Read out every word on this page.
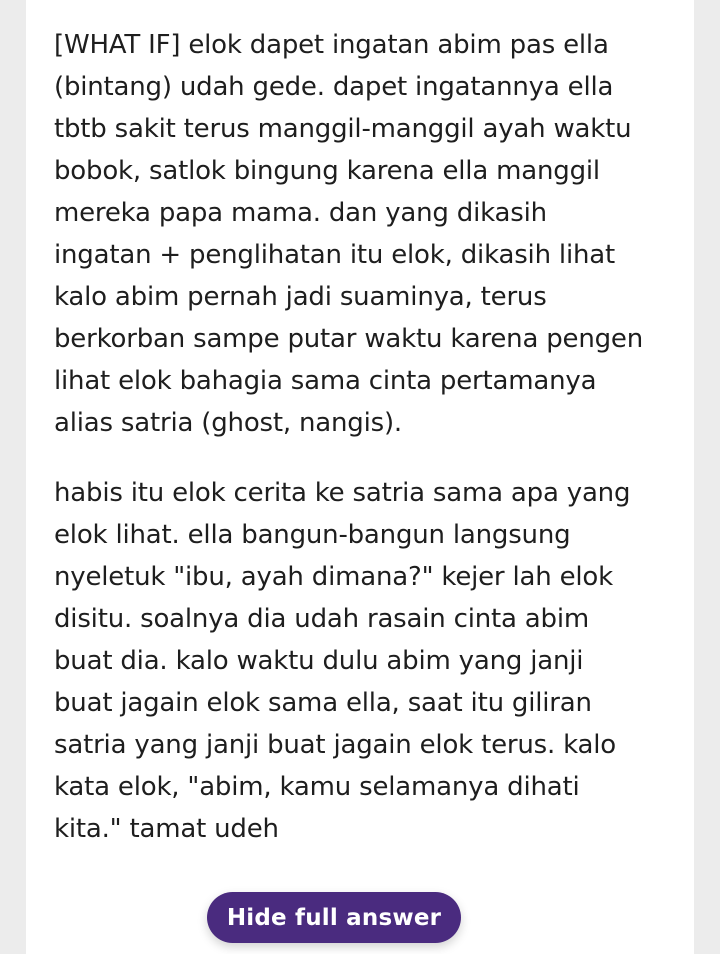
[WHAT IF] elok dapet ingatan abim pas ella
(bintang) udah gede. dapet ingatannya ella
tbtb sakit terus manggil-manggil ayah waktu
bobok, satlok bingung karena ella manggil
mereka papa mama. dan yang dikasih
ingatan + penglihatan itu elok, dikasih lihat
kalo abim pernah jadi suaminya, terus
berkorban sampe putar waktu karena pengen
lihat elok bahagia sama cinta pertamanya
alias satria (ghost, nangis).

habis itu elok cerita ke satria sama apa yang
elok lihat. ella bangun-bangun langsung
nyeletuk "ibu, ayah dimana?" kejer lah elok
disitu. soalnya dia udah rasain cinta abim
buat dia. kalo waktu dulu abim yang janji
buat jagain elok sama ella, saat itu giliran
satria yang janji buat jagain elok terus. kalo
kata elok, "abim, kamu selamanya dihati
kita." tamat udeh

Hide full answer
